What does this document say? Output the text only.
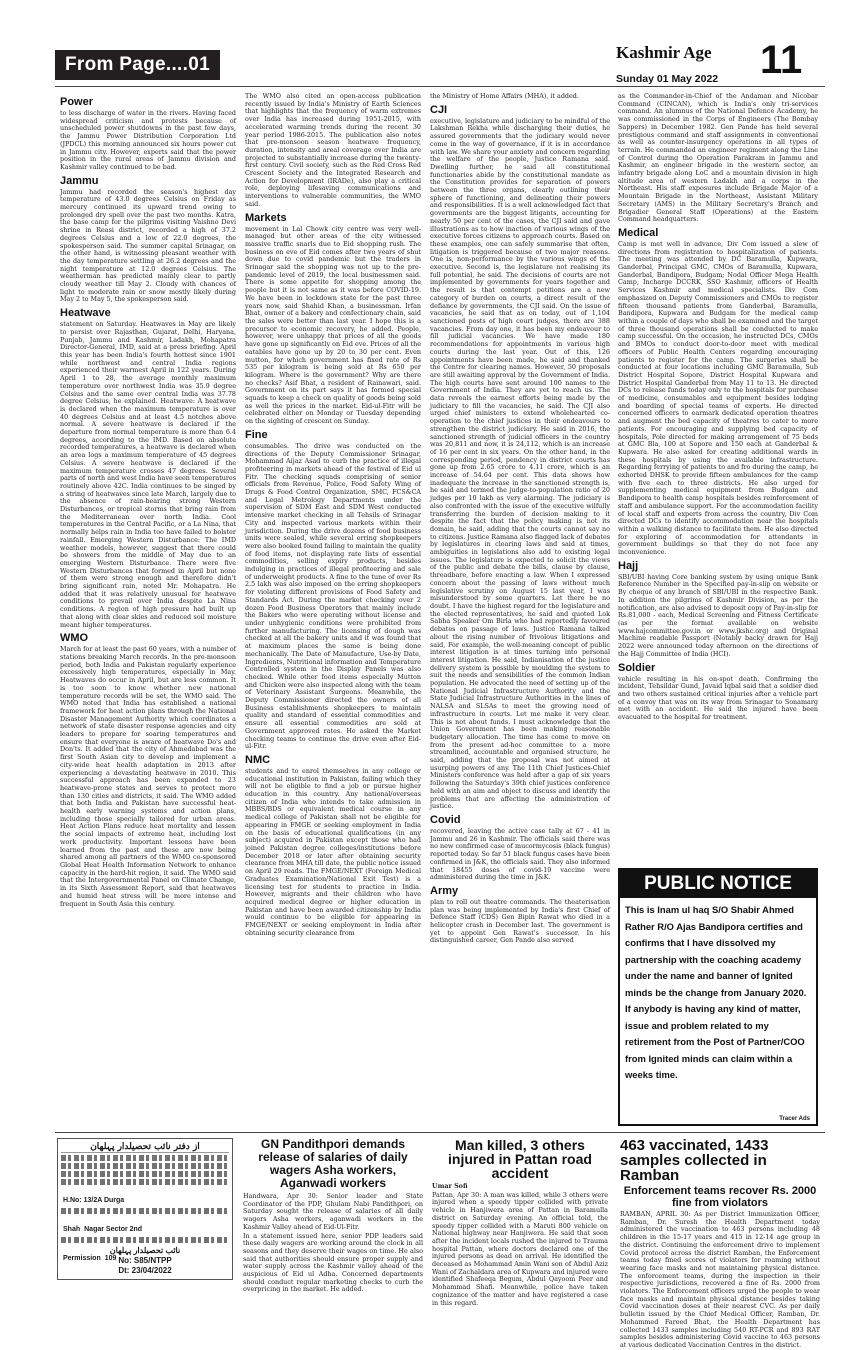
From Page....01
Kashmir Age
Sunday 01 May 2022 11
Power

to less discharge of water in the rivers. Having faced widespread criticism and protests because of unscheduled power shutdowns in the past few days, the Jammu Power Distribution Corporation Ltd (JPDCL) this morning announced six hours power cut in Jammu city. However, experts said that the power position in the rural areas of Jammu division and Kashmir valley continued to be bad.

Jammu

Jammu had recorded the season's highest day temperature of 43.0 degrees Celsius on Friday as mercury continued its upward trend owing to prolonged dry spell over the past two months. Katra, the base camp for the pilgrims visiting Vaishno Devi shrine in Reasi district, recorded a high of 37.2 degrees Celsius and a low of 22.0 degrees, the spokesperson said. The summer capital Srinagar, on the other hand, is witnessing pleasant weather with the day temperature settling at 26.2 degrees and the night temperature at 12.0 degrees Celsius. The weatherman has predicted mainly clear to partly cloudy weather till May 2. Cloudy with chances of light to moderate rain or snow mostly likely during May 2 to May 5, the spokesperson said.

Heatwave

statement on Saturday. Heatwaves in May are likely to persist over Rajasthan, Gujarat, Delhi, Haryana, Punjab, Jammu and Kashmir, Ladakh, Mohapatra Director-General, IMD, said at a press briefing. April this year has been India's fourth hottest since 1901 while northwest and central India regions experienced their warmest April in 122 years. During April 1 to 28, the average monthly maximum temperature over northwest India was 35.9 degree Celsius and the same over central India was 37.78 degree Celsius, he explained. Heatwave: A heatwave is declared when the maximum temperature is over 40 degrees Celsius and at least 4.5 notches above normal. A severe heatwave is declared if the departure from normal temperature is more than 6.4 degrees, according to the IMD. Based on absolute recorded temperatures, a heatwave is declared when an area logs a maximum temperature of 45 degrees Celsius. A severe heatwave is declared if the maximum temperature crosses 47 degrees. Several parts of north and west India have seen temperatures routinely above 42C. India continues to be singed by a string of heatwaves since late March, largely due to the absence of rain-bearing strong Western Disturbances, or tropical storms that bring rain from the Mediterranean over north India. Cool temperatures in the Central Pacific, or a La Nina, that normally helps rain in India too have failed to bolster rainfall. Emerging Western Disturbance: The IMD weather models, however, suggest that there could be showers from the middle of May due to an emerging Western Disturbance. There were five Western Disturbances that formed in April but none of them were strong enough and therefore didn't bring significant rain, noted Mr. Mohapatra. He added that it was relatively unusual for heatwave conditions to prevail over India despite La Nina conditions. A region of high pressure had built up that along with clear skies and reduced soil moisture meant higher temperatures.

WMO

March for at least the past 60 years, with a number of stations breaking March records. In the pre-monsoon period, both India and Pakistan regularly experience excessively high temperatures, especially in May. Heatwaves do occur in April, but are less common. It is too soon to know whether new national temperature records will be set, the WMO said. The WMO noted that India has established a national framework for heat action plans through the National Disaster Management Authority which coordinates a network of state disaster response agencies and city leaders to prepare for soaring temperatures and ensure that everyone is aware of heatwave Do's and Don'ts. It added that the city of Ahmedabad was the first South Asian city to develop and implement a city-wide heat health adaptation in 2013 after experiencing a devastating heatwave in 2010. This successful approach has been expanded to 23 heatwave-prone states and serves to protect more than 130 cities and districts, it said. The WMO added that both India and Pakistan have successful heat-health early warning systems and action plans, including those specially tailored for urban areas. Heat Action Plans reduce heat mortality and lessen the social impacts of extreme heat, including lost work productivity. Important lessons have been learned from the past and these are now being shared among all partners of the WMO co-sponsored Global Heat Health Information Network to enhance capacity in the hard-hit region, it said. The WMO said that the Intergovernmental Panel on Climate Change, in its Sixth Assessment Report, said that heatwaves and humid heat stress will be more intense and frequent in South Asia this century.

The WMO also cited an open-access publication recently issued by India's Ministry of Earth Sciences that highlights that the frequency of warm extremes over India has increased during 1951-2015, with accelerated warming trends during the recent 30 year period 1986-2015. The publication also notes that pre-monsoon season heatwave frequency, duration, intensity and areal coverage over India are projected to substantially increase during the twenty-first century. Civil society, such as the Red Cross Red Crescent Society and the Integrated Research and Action for Development (IRADe), also play a critical role, deploying lifesaving communications and interventions to vulnerable communities, the WMO said.

Markets

movement in Lal Chowk city centre was very well-managed but other areas of the city witnessed massive traffic snarls due to Eid shopping rush. The business on eve of Eid comes after two years of shut down due to covid pandemic but the traders in Srinagar said the shopping was not up to the pre-pandemic level of 2019, the local businessmen said. There is some appetite for shopping among the people but it is not same as it was before COVID-19. We have been in lockdown state for the past three years now, said Shahid Khan, a businessman. Irfan Bhat, owner of a bakery and confectionary chain, said the sales were better than last year. I hope this is a precursor to economic recovery, he added. People, however, were unhappy that prices of all the goods have gone up significantly on Eid eve. Prices of all the eatables have gone up by 20 to 30 per cent. Even mutton, for which government has fixed rate of Rs 535 per kilogram is being sold at Rs 650 per kilogram. Where is the government? Why are there no checks? Asif Bhat, a resident of Rainawari, said. Government on its part says it has formed special squads to keep a check on quality of goods being sold as well the prices in the market. Eid-ul-Fitr will be celebrated either on Monday or Tuesday depending on the sighting of crescent on Sunday.

Fine

consumables. The drive was conducted on the directions of the Deputy Commissioner Srinagar, Mohammad Aijaz Asad to curb the practice of illegal profiteering in markets ahead of the festival of Eid ul Fitr. The checking squads comprising of senior officials from Revenue, Police, Food Safety Wing of Drugs & Food Control Organization, SMC, FCS&CA and Legal Metrology Departments under the supervision of SDM East and SDM West conducted intensive market checking in all Tehsils of Srinagar City and inspected various markets within their jurisdiction. During the drive dozens of food business units were sealed, while several erring shopkeepers were also booked found failing to maintain the quality of food items, not displaying rate lists of essential commodities, selling expiry products, besides indulging in practices of illegal profiteering and sale of underweight products. A fine to the tune of over Rs 2.5 lakh was also imposed on the erring shopkeepers for violating different provisions of Food Safety and Standards Act. During the market checking over 2 dozen Food Business Operators that mainly include the Bakers who were operating without license and under unhygienic conditions were prohibited from further manufacturing. The licensing of dough was checked at all the bakery units and it was found that at maximum places the same is being done mechanically. The Date of Manufacture, Use-by Date, Ingredients, Nutritional information and Temperature Controlled system in the Display Panels was also checked. While other food items especially Mutton and Chicken were also inspected along with the team of Veterinary Assistant Surgeons. Meanwhile, the Deputy Commissioner directed the owners of all Business establishments shopkeepers to maintain quality and standard of essential commodities and ensure all essential commodities are sold at Government approved rates. He asked the Market checking teams to continue the drive even after Eid-ul-Fitr.

NMC

students and to enrol themselves in any college or educational institution in Pakistan, failing which they will not be eligible to find a job or pursue higher education in this country. Any national/overseas citizen of India who intends to take admission in MBBS/BDS or equivalent medical course in any medical college of Pakistan shall not be eligible for appearing in FMGE or seeking employment in India on the basis of educational qualifications (in any subject) acquired in Pakistan except those who had joined Pakistan degree colleges/institutions before December 2018 or later after obtaining security clearance from MHA till date, the public notice issued on April 29 reads. The FMGE/NEXT (Foreign Medical Graduates Examination/National Exit Test) is a licensing test for students to practice in India. However, migrants and their children who have acquired medical degree or higher education in Pakistan and have been awarded citizenship by India would continue to be eligible for appearing in FMGE/NEXT or seeking employment in India after obtaining security clearance from

the Ministry of Home Affairs (MHA), it added.

CJI

executive, legislature and judiciary to be mindful of the Lakshman Rekha while discharging their duties, he assured governments that the judiciary would never come in the way of governance, if it is in accordance with law. We share your anxiety and concern regarding the welfare of the people, Justice Ramana said. Dwelling further, he said all constitutional functionaries abide by the constitutional mandate as the Constitution provides for separation of powers between the three organs, clearly outlining their sphere of functioning, and delineating their powers and responsibilities. It is a well acknowledged fact that governments are the biggest litigants, accounting for nearly 50 per cent of the cases, the CJI said and gave illustrations as to how inaction of various wings of the executive forces citizens to approach courts. Based on these examples, one can safely summarise that often, litigation is triggered because of two major reasons. One is, non-performance by the various wings of the executive. Second is, the legislature not realising its full potential, he said. The decisions of courts are not implemented by governments for years together and the result is that contempt petitions are a new category of burden on courts, a direct result of the defiance by governments, the CJI said. On the issue of vacancies, he said that as on today, out of 1,104 sanctioned posts of high court judges, there are 388 vacancies. From day one, it has been my endeavour to fill judicial vacancies. We have made 180 recommendations for appointments in various high courts during the last year. Out of this, 126 appointments have been made, he said and thanked the Centre for clearing names. However, 50 proposals are still awaiting approval by the Government of India. The high courts have sent around 100 names to the Government of India. They are yet to reach us. The data reveals the earnest efforts being made by the judiciary to fill the vacancies, he said. The CJI also urged chief ministers to extend wholehearted co-operation to the chief justices in their endeavours to strengthen the district judiciary. He said in 2016, the sanctioned strength of judicial officers in the country was 20,811 and now, it is 24,112, which is an increase of 16 per cent in six years. On the other hand, in the corresponding period, pendency in district courts has gone up from 2.65 crore to 4.11 crore, which is an increase of 54.64 per cent. This data shows how inadequate the increase in the sanctioned strength is, he said and termed the judge-to-population ratio of 20 judges per 10 lakh as very alarming. The judiciary is also confronted with the issue of the executive wilfully transferring the burden of decision making to it despite the fact that the policy making is not its domain, he said, adding that the courts cannot say no to citizens. Justice Ramana also flagged lack of debates by legislatures in clearing laws and said at times, ambiguities in legislations also add to existing legal issues. The legislature is expected to solicit the views of the public and debate the bills, clause by clause, threadbare, before enacting a law. When I expressed concern about the passing of laws without much legislative scrutiny on August 15 last year, I was misunderstood by some quarters. Let there be no doubt. I have the highest regard for the legislature and the elected representatives, he said and quoted Lok Sabha Speaker Om Birla who had reportedly favoured debates on passage of laws. Justice Ramana talked about the rising number of frivolous litigations and said, For example, the well-meaning concept of public interest litigation is at times turning into personal interest litigation. He said, Indianisation of the justice delivery system is possible by moulding the system to suit the needs and sensibilities of the common Indian population. He advocated the need of setting up of the National Judicial Infrastructure Authority and the State Judicial Infrastructure Authorities in the lines of NALSA and SLSAs to meet the growing need of infrastructure in courts. Let me make it very clear. This is not about funds. I must acknowledge that the Union Government has been making reasonable budgetary allocation. The time has come to move on from the present ad-hoc committee to a more streamlined, accountable and organised structure, he said, adding that the proposal was not aimed at usurping powers of any. The 11th Chief Justices-Chief Ministers conference was held after a gap of six years following the Saturday's 39th chief justices conference held with an aim and object to discuss and identify the problems that are affecting the administration of justice.

Covid

recovered, leaving the active case tally at 67 - 41 in Jammu and 26 in Kashmir. The officials said there was no new confirmed case of mucormycosis (black fungus) reported today. So far 51 black fungus cases have been confirmed in J&K, the officials said. They also informed that 18455 doses of covid-19 vaccine were administered during the time in J&K.

Army

plan to roll out theatre commands. The theaterisation plan was being implemented by India's first Chief of Defence Staff (CDS) Gen Bipin Rawat who died in a helicopter crash in December last. The government is yet to appoint Gen Rawat's successor. In his distinguished career, Gen Pande also served

as the Commander-in-Chief of the Andaman and Nicobar Command (CINCAN), which is India's only tri-services command. An alumnus of the National Defence Academy, he was commissioned in the Corps of Engineers (The Bombay Sappers) in December 1982. Gen Pande has held several prestigious command and staff assignments in conventional as well as counter-insurgency operations in all types of terrain. He commanded an engineer regiment along the Line of Control during the Operation Parakram in Jammu and Kashmir, an engineer brigade in the western sector, an infantry brigade along LoC and a mountain division in high altitude area of western Ladakh and a corps in the Northeast. His staff exposures include Brigade Major of a Mountain Brigade in the Northeast, Assistant Military Secretary (AMS) in the Military Secretary's Branch and Brigadier General Staff (Operations) at the Eastern Command headquarters.

Medical

Camp is met well in advance, Div Com issued a slew of directions from registration to hospitalization of patients. The meeting was attended by DC Baramulla, Kupwara, Ganderbal, Principal GMC, CMOs of Baramulla, Kupwara, Ganderbal, Bandipora, Budgam; Nodal Officer Mega Health Camp, Incharge DCCRK, SSO Kashmir, officers of Health Services Kashmir and medical specialists. Div Com emphasized on Deputy Commissioners and CMOs to register fifteen thousand patients from Ganderbal, Baramulla, Bandipora, Kupwara and Budgam for the medical camp within a couple of days who shall be examined and the target of three thousand operations shall be conducted to make camp successful. On the occasion, he instructed DCs, CMOs and BMOs to conduct door-to-door meet with medical officers of Public Health Centers regarding encouraging patients to register for the camp. The surgeries shall be conducted at four locations including GMC Baramulla, Sub District Hospital Sopore, District Hospital Kupwara and District Hospital Ganderbal from May 11 to 13. He directed DCs to release funds today only to the hospitals for purchase of medicine, consumables and equipment besides lodging and boarding of special teams of experts. He directed concerned officers to earmark dedicated operation theatres and augment the bed capacity of theatres to cater to more patients. For encouraging and supplying bed capacity of hospitals, Pole directed for making arrangement of 75 beds at GMC Bla, 100 at Sopore and 150 each at Ganderbal & Kupwara. He also asked for creating additional wards in these hospitals by using the available infrastructure. Regarding ferrying of patients to and fro during the camp, he exhorted DHSK to provide fifteen ambulances for the camp with five each to three districts. He also urged for supplementing medical equipment from Budgam and Bandipora to health camp hospitals besides reinforcement of staff and ambulance support. For the accommodation facility of local staff and experts from across the country, Div Com directed DCs to identify accommodation near the hospitals within a walking distance to facilitate them. He also directed for exploring of accommodation for attendants in government buildings so that they do not face any inconvenience.

Hajj

SBI/UBI having Core banking system by using unique Bank Reference Number in the Specified pay-in-slip on website or By cheque of any branch of SBI/UBI in the respective Bank. In addition the pilgrims of Kashmir Division, as per the notification, are also advised to deposit copy of Pay-in-slip for Rs.81,000 - each, Medical Screening and Fitness Certificate (as per the format available on website www.hajcommittee.gov.in or www.jkshc.org) and Original Machine readable Passport (Notably backy drawn for Hajj 2022 were announced today afternoon on the directions of the Hajj Committee of India (HCI).

Soldier

vehicle resulting in his on-spot death. Confirming the incident, Tehsildar Gund, Javaid Iqbal said that a soldier died and two others sustained critical injuries after a vehicle part of a convoy that was on its way from Srinagar to Sonamarg met with an accident. He said the injured have been evacuated to the hospital for treatment.

PUBLIC NOTICE
This is Inam ul haq S/O Shabir Ahmed Rather R/O Ajas Bandipora certifies and confirms that I have dissolved my partnership with the coaching academy under the name and banner of Ignited minds be the change from January 2020. If anybody is having any kind of matter, issue and problem related to my retirement from the Post of Partner/COO from Ignited minds can claim within a weeks time.
Tracer Ads
از دفتر نائب تحصیلدار پہلهان
H.No: 13/2A Durga
Shah Nagar Sector 2nd
Permission 109
نائب تحصیلدار پہلهان
No: S85/NTPP
Dt: 23/04/2022
GN Pandithpori demands release of salaries of daily wagers Asha workers, Aganwadi workers

Handwara, Apr 30: Senior leader and State Coordinator of the PDP, Ghulam Nabi Pandithpori, on Saturday sought the release of salaries of all daily wagers Asha workers, aganwadi workers in the Kashmir Valley ahead of Eid-Ul-Fitr.

In a statement issued here, senior PDP leaders said these daily wagers are working around the clock in all seasons and they deserve their wages on time. He also said that authorities should ensure proper supply and water supply across the Kashmir valley ahead of the auspicious of Eid ul Adha. Concerned departments should conduct regular marketing checks to curb the overpricing in the market. He added.

Man killed, 3 others injured in Pattan road accident

Umar Sofi

Pattan, Apr 30: A man was killed, while 3 others were injured when a speedy tipper collided with private vehicle in Hanjiwera area of Pattan in Baramulla district on Saturday evening. An official told, the speedy tipper collided with a Maruti 800 vehicle on National highway near Hanjiwera. He said that soon after the incident locals rushed the injured to Trauma hospital Pattan, where doctors declared one of the injured persons as dead on arrival. He identified the deceased as Mohammad Amin Wani son of Abdul Aziz Wani of Zachaldara area of Kupwara and injured were identified Shafeeqa Begum, Abdul Qayoom Peer and Mohammad Shafi. Meanwhile, police have taken cognizance of the matter and have registered a case in this regard.

463 vaccinated, 1433 samples collected in Ramban
Enforcement teams recover Rs. 2000 fine from violators

RAMBAN, APRIL 30: As per District Immunization Officer, Ramban, Dr. Suresh the Health Department today administered the vaccination to 463 persons including 48 children in the 15-17 years and 415 in 12-14 age group in the district. Continuing the enforcement drive to implement Covid protocol across the district Ramban, the Enforcement teams today fined scores of violators for roaming without wearing face masks and not maintaining physical distance. The enforcement teams, during the inspection in their respective jurisdictions, recovered a fine of Rs. 2000 from violators. The Enforcement officers urged the people to wear face masks and maintain physical distance besides taking Covid vaccination doses at their nearest CVC. As per daily bulletin issued by the Chief Medical Officer, Ramban, Dr. Mohammed Fareed Bhat, the Health Department has collected 1433 samples including 540 RT-PCR and 893 RAT samples besides administering Covid vaccine to 463 persons at various dedicated Vaccination Centres in the district.
